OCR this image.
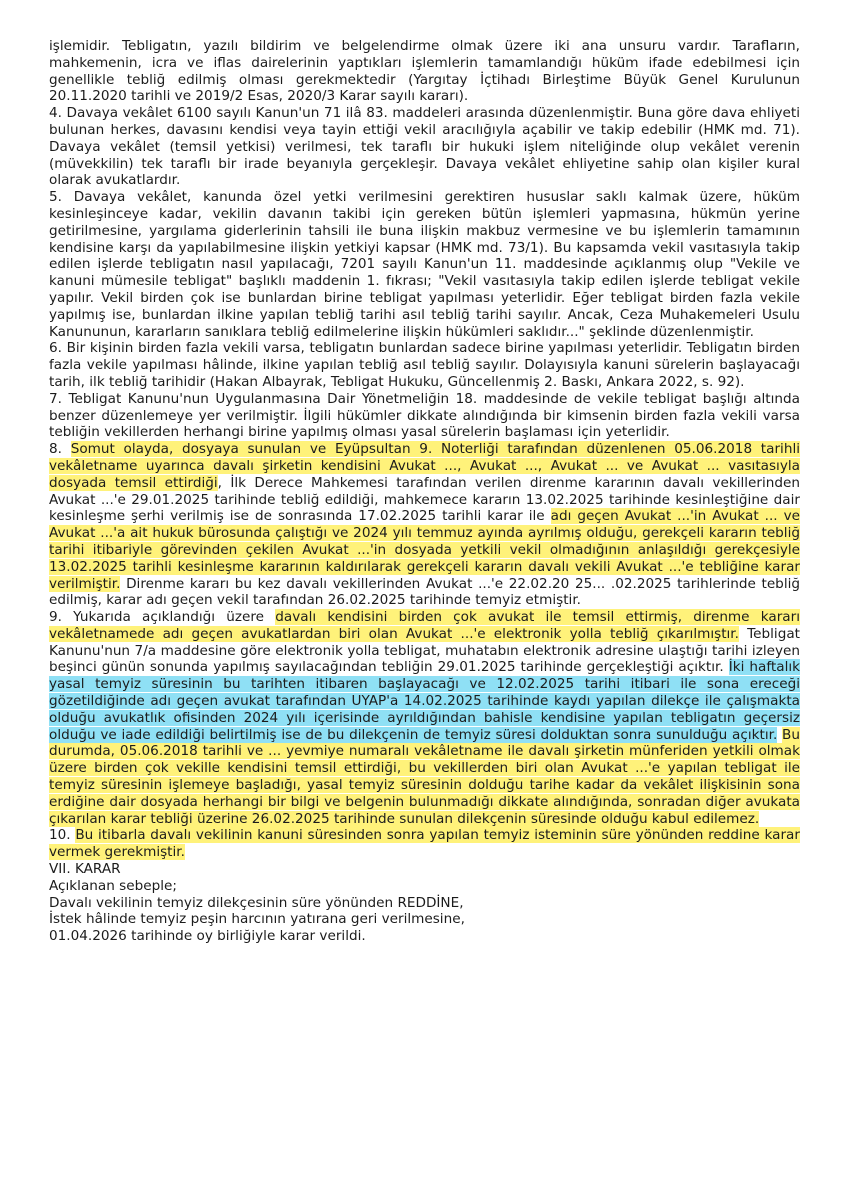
işlemidir. Tebligatın, yazılı bildirim ve belgelendirme olmak üzere iki ana unsuru vardır. Tarafların, mahkemenin, icra ve iflas dairelerinin yaptıkları işlemlerin tamamlandığı hüküm ifade edebilmesi için genellikle tebliğ edilmiş olması gerekmektedir (Yargıtay İçtihadı Birleştime Büyük Genel Kurulunun 20.11.2020 tarihli ve 2019/2 Esas, 2020/3 Karar sayılı kararı).

4. Davaya vekâlet 6100 sayılı Kanun'un 71 ilâ 83. maddeleri arasında düzenlenmiştir. Buna göre dava ehliyeti bulunan herkes, davasını kendisi veya tayin ettiği vekil aracılığıyla açabilir ve takip edebilir (HMK md. 71). Davaya vekâlet (temsil yetkisi) verilmesi, tek taraflı bir hukuki işlem niteliğinde olup vekâlet verenin (müvekkilin) tek taraflı bir irade beyanıyla gerçekleşir. Davaya vekâlet ehliyetine sahip olan kişiler kural olarak avukatlardır.

5. Davaya vekâlet, kanunda özel yetki verilmesini gerektiren hususlar saklı kalmak üzere, hüküm kesinleşinceye kadar, vekilin davanın takibi için gereken bütün işlemleri yapmasına, hükmün yerine getirilmesine, yargılama giderlerinin tahsili ile buna ilişkin makbuz vermesine ve bu işlemlerin tamamının kendisine karşı da yapılabilmesine ilişkin yetkiyi kapsar (HMK md. 73/1). Bu kapsamda vekil vasıtasıyla takip edilen işlerde tebligatın nasıl yapılacağı, 7201 sayılı Kanun'un 11. maddesinde açıklanmış olup "Vekile ve kanuni mümesile tebligat" başlıklı maddenin 1. fıkrası; "Vekil vasıtasıyla takip edilen işlerde tebligat vekile yapılır. Vekil birden çok ise bunlardan birine tebligat yapılması yeterlidir. Eğer tebligat birden fazla vekile yapılmış ise, bunlardan ilkine yapılan tebliğ tarihi asıl tebliğ tarihi sayılır. Ancak, Ceza Muhakemeleri Usulu Kanununun, kararların sanıklara tebliğ edilmelerine ilişkin hükümleri saklıdır..." şeklinde düzenlenmiştir.

6. Bir kişinin birden fazla vekili varsa, tebligatın bunlardan sadece birine yapılması yeterlidir. Tebligatın birden fazla vekile yapılması hâlinde, ilkine yapılan tebliğ asıl tebliğ sayılır. Dolayısıyla kanuni sürelerin başlayacağı tarih, ilk tebliğ tarihidir (Hakan Albayrak, Tebligat Hukuku, Güncellenmiş 2. Baskı, Ankara 2022, s. 92).

7. Tebligat Kanunu'nun Uygulanmasına Dair Yönetmeliğin 18. maddesinde de vekile tebligat başlığı altında benzer düzenlemeye yer verilmiştir. İlgili hükümler dikkate alındığında bir kimsenin birden fazla vekili varsa tebliğin vekillerden herhangi birine yapılmış olması yasal sürelerin başlaması için yeterlidir.

8. Somut olayda, dosyaya sunulan ve Eyüpsultan 9. Noterliği tarafından düzenlenen 05.06.2018 tarihli vekâletname uyarınca davalı şirketin kendisini Avukat ..., Avukat ..., Avukat ... ve Avukat ... vasıtasıyla dosyada temsil ettirdiği, İlk Derece Mahkemesi tarafından verilen direnme kararının davalı vekillerinden Avukat ...'e 29.01.2025 tarihinde tebliğ edildiği, mahkemece kararın 13.02.2025 tarihinde kesinleştiğine dair kesinleşme şerhi verilmiş ise de sonrasında 17.02.2025 tarihli karar ile adı geçen Avukat ...'in Avukat ... ve Avukat ...'a ait hukuk bürosunda çalıştığı ve 2024 yılı temmuz ayında ayrılmış olduğu, gerekçeli kararın tebliğ tarihi itibariyle görevinden çekilen Avukat ...'in dosyada yetkili vekil olmadığının anlaşıldığı gerekçesiyle 13.02.2025 tarihli kesinleşme kararının kaldırılarak gerekçeli kararın davalı vekili Avukat ...'e tebliğine karar verilmiştir. Direnme kararı bu kez davalı vekillerinden Avukat ...'e 22.02.20 25... .02.2025 tarihlerinde tebliğ edilmiş, karar adı geçen vekil tarafından 26.02.2025 tarihinde temyiz etmiştir.

9. Yukarıda açıklandığı üzere davalı kendisini birden çok avukat ile temsil ettirmiş, direnme kararı vekâletnamede adı geçen avukatlardan biri olan Avukat ...'e elektronik yolla tebliğ çıkarılmıştır. Tebligat Kanunu'nun 7/a maddesine göre elektronik yolla tebligat, muhatabın elektronik adresine ulaştığı tarihi izleyen beşinci günün sonunda yapılmış sayılacağından tebliğin 29.01.2025 tarihinde gerçekleştiği açıktır. İki haftalık yasal temyiz süresinin bu tarihten itibaren başlayacağı ve 12.02.2025 tarihi itibari ile sona ereceği gözetildiğinde adı geçen avukat tarafından UYAP'a 14.02.2025 tarihinde kaydı yapılan dilekçe ile çalışmakta olduğu avukatlık ofisinden 2024 yılı içerisinde ayrıldığından bahisle kendisine yapılan tebligatın geçersiz olduğu ve iade edildiği belirtilmiş ise de bu dilekçenin de temyiz süresi dolduktan sonra sunulduğu açıktır. Bu durumda, 05.06.2018 tarihli ve ... yevmiye numaralı vekâletname ile davalı şirketin münferiden yetkili olmak üzere birden çok vekille kendisini temsil ettirdiği, bu vekillerden biri olan Avukat ...'e yapılan tebligat ile temyiz süresinin işlemeye başladığı, yasal temyiz süresinin dolduğu tarihe kadar da vekâlet ilişkisinin sona erdiğine dair dosyada herhangi bir bilgi ve belgenin bulunmadığı dikkate alındığında, sonradan diğer avukata çıkarılan karar tebliği üzerine 26.02.2025 tarihinde sunulan dilekçenin süresinde olduğu kabul edilemez.

10. Bu itibarla davalı vekilinin kanuni süresinden sonra yapılan temyiz isteminin süre yönünden reddine karar vermek gerekmiştir.

VII. KARAR

Açıklanan sebeple;

Davalı vekilinin temyiz dilekçesinin süre yönünden REDDİNE,

İstek hâlinde temyiz peşin harcının yatırana geri verilmesine,

01.04.2026 tarihinde oy birliğiyle karar verildi.
